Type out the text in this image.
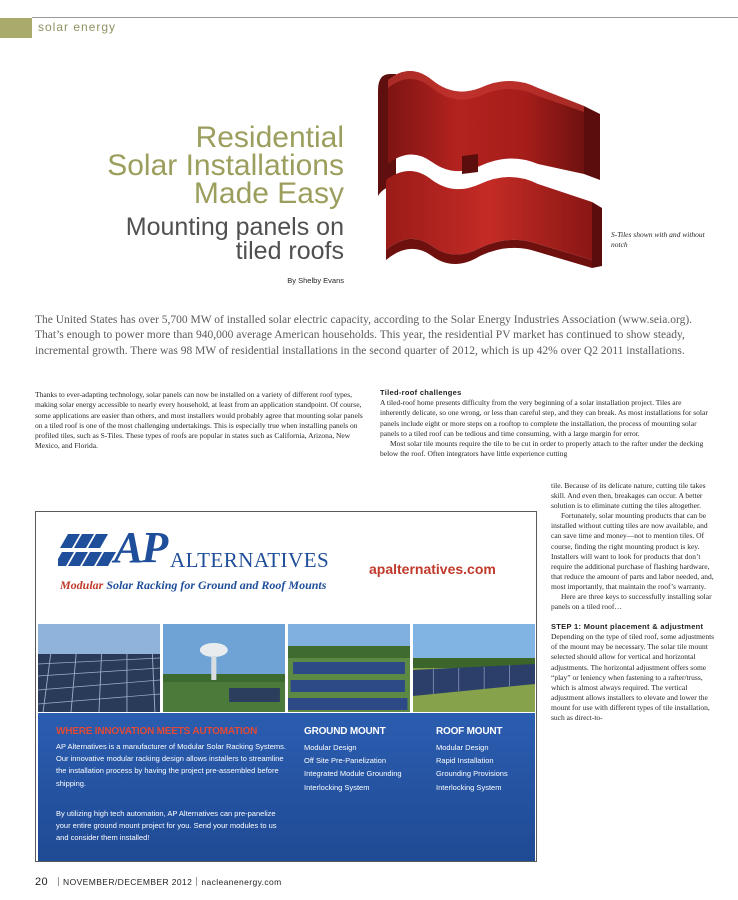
solar energy
Residential
Solar Installations
Made Easy
Mounting panels on
tiled roofs
By Shelby Evans
S-Tiles shown with and without notch

The United States has over 5,700 MW of installed solar electric capacity, according to the Solar Energy Industries Association (www.seia.org). That’s enough to power more than 940,000 average American households. This year, the residential PV market has continued to show steady, incremental growth. There was 98 MW of residential installations in the second quarter of 2012, which is up 42% over Q2 2011 installations.

Thanks to ever-adapting technology, solar panels can now be installed on a variety of different roof types, making solar energy accessible to nearly every household, at least from an application standpoint. Of course, some applications are easier than others, and most installers would probably agree that mounting solar panels on a tiled roof is one of the most challenging undertakings. This is especially true when installing panels on profiled tiles, such as S-Tiles. These types of roofs are popular in states such as California, Arizona, New Mexico, and Florida.

Tiled-roof challenges

A tiled-roof home presents difficulty from the very beginning of a solar installation project. Tiles are inherently delicate, so one wrong, or less than careful step, and they can break. As most installations for solar panels include eight or more steps on a rooftop to complete the installation, the process of mounting solar panels to a tiled roof can be tedious and time consuming, with a large margin for error.

Most solar tile mounts require the tile to be cut in order to properly attach to the rafter under the decking below the roof. Often integrators have little experience cutting

tile. Because of its delicate nature, cutting tile takes skill. And even then, breakages can occur. A better solution is to eliminate cutting the tiles altogether.

Fortunately, solar mounting products that can be installed without cutting tiles are now available, and can save time and money—not to mention tiles. Of course, finding the right mounting product is key. Installers will want to look for products that don’t require the additional purchase of flashing hardware, that reduce the amount of parts and labor needed, and, most importantly, that maintain the roof’s warranty.

Here are three keys to successfully installing solar panels on a tiled roof…

STEP 1: Mount placement & adjustment

Depending on the type of tiled roof, some adjustments of the mount may be necessary. The solar tile mount selected should allow for vertical and horizontal adjustments. The horizontal adjustment offers some “play” or leniency when fastening to a rafter/truss, which is almost always required. The vertical adjustment allows installers to elevate and lower the mount for use with different types of tile installation, such as direct-to-

AP ALTERNATIVES
Modular Solar Racking for Ground and Roof Mounts
apalternatives.com
WHERE INNOVATION MEETS AUTOMATION

AP Alternatives is a manufacturer of Modular Solar Racking Systems. Our innovative modular racking design allows installers to streamline the installation process by having the project pre-assembled before shipping.

By utilizing high tech automation, AP Alternatives can pre-panelize your entire ground mount project for you. Send your modules to us and consider them installed!

GROUND MOUNT
Modular Design
Off Site Pre-Panelization
Integrated Module Grounding
Interlocking System
ROOF MOUNT
Modular Design
Rapid Installation
Grounding Provisions
Interlocking System
20 NOVEMBER/DECEMBER 2012 nacleanenergy.com
